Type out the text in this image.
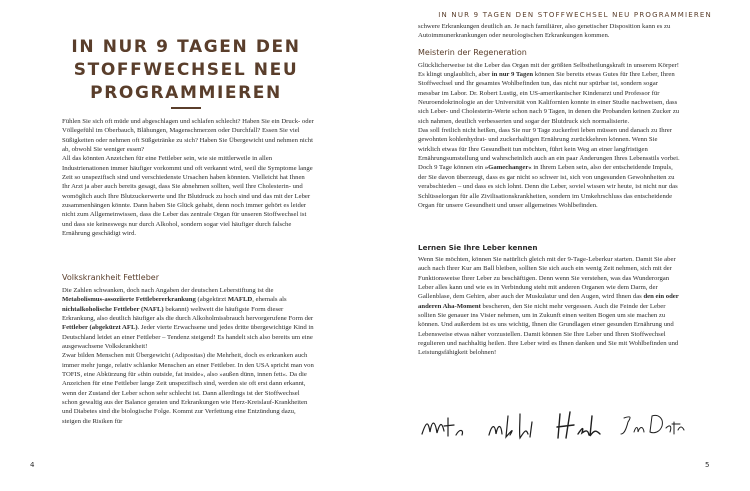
IN NUR 9 TAGEN DEN STOFFWECHSEL NEU PROGRAMMIEREN

Fühlen Sie sich oft müde und abgeschlagen und schlafen schlecht? Haben Sie ein Druck- oder Völlegefühl im Oberbauch, Blähungen, Magenschmerzen oder Durchfall? Essen Sie viel Süßigkeiten oder nehmen oft Süßgetränke zu sich? Haben Sie Übergewicht und nehmen nicht ab, obwohl Sie weniger essen?

All das könnten Anzeichen für eine Fettleber sein, wie sie mittlerweile in allen Industrienationen immer häufiger vorkommt und oft verkannt wird, weil die Symptome lange Zeit so unspezifisch sind und verschiedenste Ursachen haben könnten. Vielleicht hat Ihnen Ihr Arzt ja aber auch bereits gesagt, dass Sie abnehmen sollten, weil Ihre Cholesterin- und womöglich auch Ihre Blutzuckerwerte und Ihr Blutdruck zu hoch sind und das mit der Leber zusammenhängen könnte. Dann haben Sie Glück gehabt, denn noch immer gehört es leider nicht zum Allgemeinwissen, dass die Leber das zentrale Organ für unseren Stoffwechsel ist und dass sie keineswegs nur durch Alkohol, sondern sogar viel häufiger durch falsche Ernährung geschädigt wird.

Volkskrankheit Fettleber

Die Zahlen schwanken, doch nach Angaben der deutschen Leberstiftung ist die Metabolismus-assoziierte Fettlebererkrankung (abgekürzt MAFLD, ehemals als nichtalkoholische Fettleber (NAFL) bekannt) weltweit die häufigste Form dieser Erkrankung, also deutlich häufiger als die durch Alkoholmissbrauch hervorgerufene Form der Fettleber (abgekürzt AFL). Jeder vierte Erwachsene und jedes dritte übergewichtige Kind in Deutschland leidet an einer Fettleber – Tendenz steigend! Es handelt sich also bereits um eine ausgewachsene Volkskrankheit!

Zwar bilden Menschen mit Übergewicht (Adipositas) die Mehrheit, doch es erkranken auch immer mehr junge, relativ schlanke Menschen an einer Fettleber. In den USA spricht man von TOFIS, eine Abkürzung für »thin outside, fat inside«, also »außen dünn, innen fett«. Da die Anzeichen für eine Fettleber lange Zeit unspezifisch sind, werden sie oft erst dann erkannt, wenn der Zustand der Leber schon sehr schlecht ist. Dann allerdings ist der Stoffwechsel schon gewaltig aus der Balance geraten und Erkrankungen wie Herz-Kreislauf-Krankheiten und Diabetes sind die biologische Folge. Kommt zur Verfettung eine Entzündung dazu, steigen die Risiken für

4
IN NUR 9 TAGEN DEN STOFFWECHSEL NEU PROGRAMMIEREN

schwere Erkrankungen deutlich an. Je nach familiärer, also genetischer Disposition kann es zu Autoimmunerkrankungen oder neurologischen Erkrankungen kommen.

Meisterin der Regeneration

Glücklicherweise ist die Leber das Organ mit der größten Selbstheilungskraft in unserem Körper! Es klingt unglaublich, aber in nur 9 Tagen können Sie bereits etwas Gutes für Ihre Leber, Ihren Stoffwechsel und Ihr gesamtes Wohlbefinden tun, das nicht nur spürbar ist, sondern sogar messbar im Labor. Dr. Robert Lustig, ein US-amerikanischer Kinderarzt und Professor für Neuroendokrinologie an der Universität von Kalifornien konnte in einer Studie nachweisen, dass sich Leber- und Cholesterin-Werte schon nach 9 Tagen, in denen die Probanden keinen Zucker zu sich nahmen, deutlich verbesserten und sogar der Blutdruck sich normalisierte.

Das soll freilich nicht heißen, dass Sie nur 9 Tage zuckerfrei leben müssen und danach zu Ihrer gewohnten kohlenhydrat- und zuckerhaltigen Ernährung zurückkehren können. Wenn Sie wirklich etwas für Ihre Gesundheit tun möchten, führt kein Weg an einer langfristigen Ernährungsumstellung und wahrscheinlich auch an ein paar Änderungen Ihres Lebensstils vorbei. Doch 9 Tage können ein »Gamechanger« in Ihrem Leben sein, also der entscheidende Impuls, der Sie davon überzeugt, dass es gar nicht so schwer ist, sich von ungesunden Gewohnheiten zu verabschieden – und dass es sich lohnt. Denn die Leber, soviel wissen wir heute, ist nicht nur das Schlüsselorgan für alle Zivilisationskrankheiten, sondern im Umkehrschluss das entscheidende Organ für unsere Gesundheit und unser allgemeines Wohlbefinden.

Lernen Sie Ihre Leber kennen

Wenn Sie möchten, können Sie natürlich gleich mit der 9-Tage-Leberkur starten. Damit Sie aber auch nach Ihrer Kur am Ball bleiben, sollten Sie sich auch ein wenig Zeit nehmen, sich mit der Funktionsweise Ihrer Leber zu beschäftigen. Denn wenn Sie verstehen, was das Wunderorgan Leber alles kann und wie es in Verbindung steht mit anderen Organen wie dem Darm, der Gallenblase, dem Gehirn, aber auch der Muskulatur und den Augen, wird Ihnen das den ein oder anderen Aha-Moment bescheren, den Sie nicht mehr vergessen. Auch die Feinde der Leber sollten Sie genauer ins Visier nehmen, um in Zukunft einen weiten Bogen um sie machen zu können. Und außerdem ist es uns wichtig, Ihnen die Grundlagen einer gesunden Ernährung und Lebensweise etwas näher vorzustellen. Damit können Sie Ihre Leber und Ihren Stoffwechsel regulieren und nachhaltig heilen. Ihre Leber wird es Ihnen danken und Sie mit Wohlbefinden und Leistungsfähigkeit belohnen!

5
